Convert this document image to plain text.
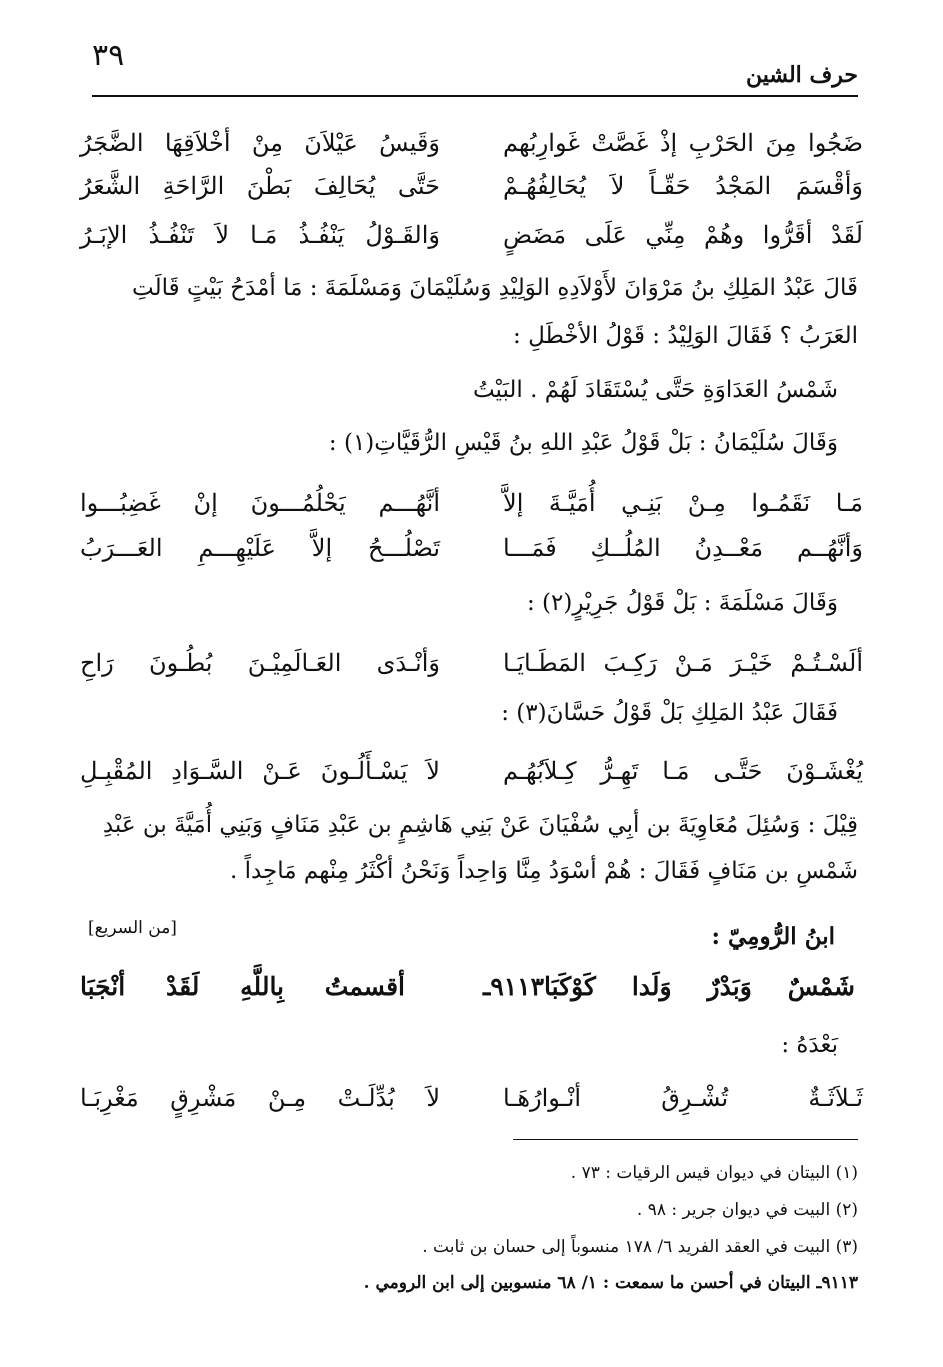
٣٩
حرف الشين
ضَجُوا مِنَ الحَرْبِ إذْ غَصَّتْ غَوارِبُهم
وَقَيسُ عَيْلاَنَ مِنْ أخْلاَقِهَا الضَّجَرُ
وَأقْسَمَ المَجْدُ حَقّـاً لاَ يُحَالِفُهُـمْ
حَتَّى يُحَالِفَ بَطْنَ الرَّاحَةِ الشَّعَرُ
لَقَدْ أقَرُّوا وهُمْ مِنِّي عَلَى مَضَضٍ
وَالقَـوْلُ يَنْفُـذُ مَـا لاَ تَنْفُـذُ الإبَـرُ
قَالَ عَبْدُ المَلِكِ بنُ مَرْوَانَ لأَوْلاَدِهِ الوَلِيْدِ وَسُلَيْمَانَ وَمَسْلَمَةَ : مَا أمْدَحُ بَيْتٍ قَالَتِ
العَرَبُ ؟ فَقَالَ الوَلِيْدُ : قَوْلُ الأخْطَلِ :
شَمْسُ العَدَاوَةِ حَتَّى يُسْتَقَادَ لَهُمْ . البَيْتُ
وَقَالَ سُلَيْمَانُ : بَلْ قَوْلُ عَبْدِ اللهِ بنُ قَيْسِ الرُّقَيَّاتِ(١) :
مَـا نَقَمُـوا مِـنْ بَنِـي أُمَيَّـةَ إلاَّ
أنَّهُـــم يَحْلُمُـــونَ إنْ غَضِبُـــوا
وَأنَّهُــم مَعْــدِنُ المُلُــكِ فَمَـــا
تَصْلُـــحُ إلاَّ عَلَيْهِـــمِ العَـــرَبُ
وَقَالَ مَسْلَمَةَ : بَلْ قَوْلُ جَرِيْرٍ(٢) :
ألَسْـتُـمْ خَيْـرَ مَـنْ رَكِـبَ المَطَـايَـا
وَأنْـدَى العَـالَمِيْـنَ بُطُـونَ رَاحِ
فَقَالَ عَبْدُ المَلِكِ بَلْ قَوْلُ حَسَّانَ(٣) :
يُغْشَـوْنَ حَتَّـى مَـا تَهِـرُّ كِـلاَبُهُـم
لاَ يَسْـأَلُـونَ عَـنْ السَّـوَادِ المُقْبِـلِ
قِيْلَ : وَسُئِلَ مُعَاوِيَةَ بن أبِي سُفْيَانَ عَنْ بَنِي هَاشِمٍ بن عَبْدِ مَنَافٍ وَبَنِي أُمَيَّةَ بن عَبْدِ
شَمْسِ بن مَنَافٍ فَقَالَ : هُمْ أسْوَدُ مِنَّا وَاحِداً وَنَحْنُ أكْثَرُ مِنْهم مَاجِداً .
ابنُ الرُّومِيّ :
[من السريع]
٩١١٣ـ شَمْسٌ وَبَدْرٌ وَلَدا كَوْكَبَا
أقسمتُ بِاللَّهِ لَقَدْ أنْجَبَا
بَعْدَهُ :
ثَـلاَثَـةٌ تُشْـرِقُ أنْـوارُهَـا
لاَ بُدِّلَـتْ مِـنْ مَشْرِقٍ مَغْرِبَـا
(١) البيتان في ديوان قيس الرقيات : ٧٣ .
(٢) البيت في ديوان جرير : ٩٨ .
(٣) البيت في العقد الفريد ٦/ ١٧٨ منسوباً إلى حسان بن ثابت .
٩١١٣ـ البيتان في أحسن ما سمعت : ١/ ٦٨ منسوبين إلى ابن الرومي .
